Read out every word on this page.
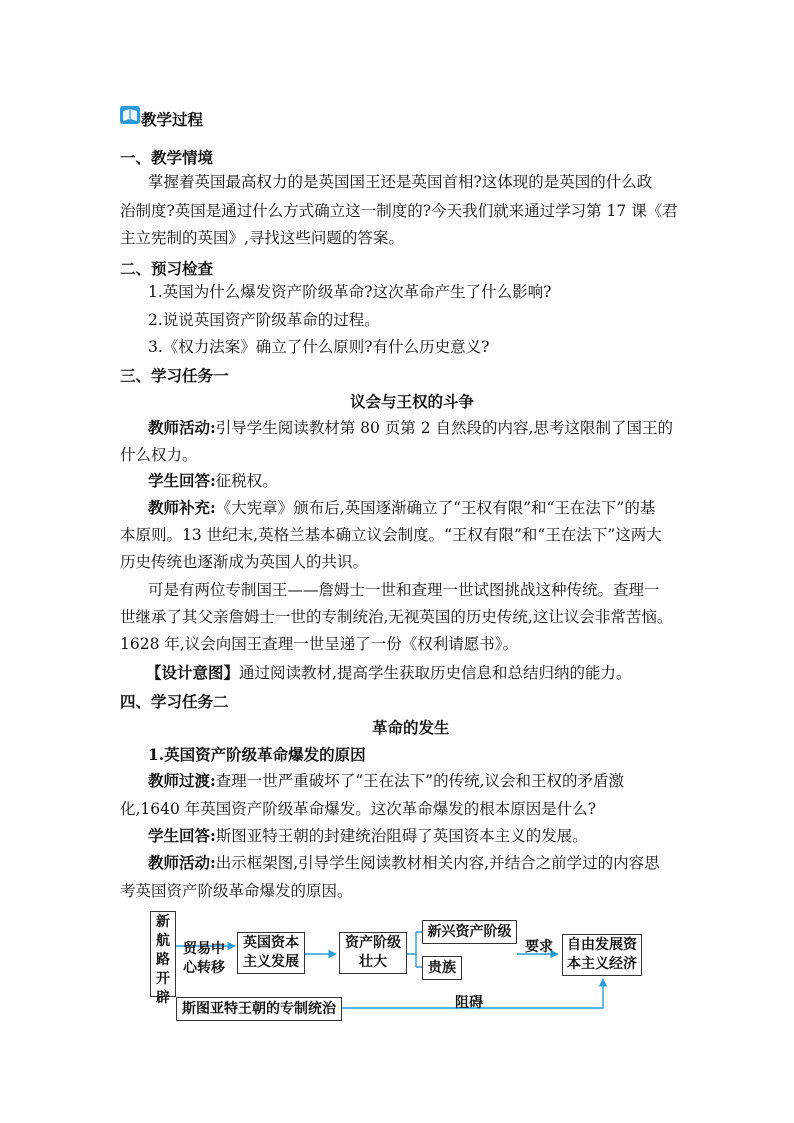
教学过程
一、教学情境
掌握着英国最高权力的是英国国王还是英国首相?这体现的是英国的什么政
治制度?英国是通过什么方式确立这一制度的?今天我们就来通过学习第 17 课《君
主立宪制的英国》,寻找这些问题的答案。
二、预习检查
1.英国为什么爆发资产阶级革命?这次革命产生了什么影响?
2.说说英国资产阶级革命的过程。
3.《权力法案》确立了什么原则?有什么历史意义?
三、学习任务一
议会与王权的斗争
教师活动:引导学生阅读教材第 80 页第 2 自然段的内容,思考这限制了国王的
什么权力。
学生回答:征税权。
教师补充:《大宪章》颁布后,英国逐渐确立了“王权有限”和“王在法下”的基
本原则。13 世纪末,英格兰基本确立议会制度。“王权有限”和“王在法下”这两大
历史传统也逐渐成为英国人的共识。
可是有两位专制国王——詹姆士一世和查理一世试图挑战这种传统。查理一
世继承了其父亲詹姆士一世的专制统治,无视英国的历史传统,这让议会非常苦恼。
1628 年,议会向国王查理一世呈递了一份《权利请愿书》。
【设计意图】通过阅读教材,提高学生获取历史信息和总结归纳的能力。
四、学习任务二
革命的发生
1.英国资产阶级革命爆发的原因
教师过渡:查理一世严重破坏了“王在法下”的传统,议会和王权的矛盾激
化,1640 年英国资产阶级革命爆发。这次革命爆发的根本原因是什么?
学生回答:斯图亚特王朝的封建统治阻碍了英国资本主义的发展。
教师活动:出示框架图,引导学生阅读教材相关内容,并结合之前学过的内容思
考英国资产阶级革命爆发的原因。
新
航
路
开
辟
贸易中
心转移
英国资本
主义发展
资产阶级
壮大
新兴资产阶级
贵族
要求 自由发展资
本主义经济
斯图亚特王朝的专制统治	阻碍
